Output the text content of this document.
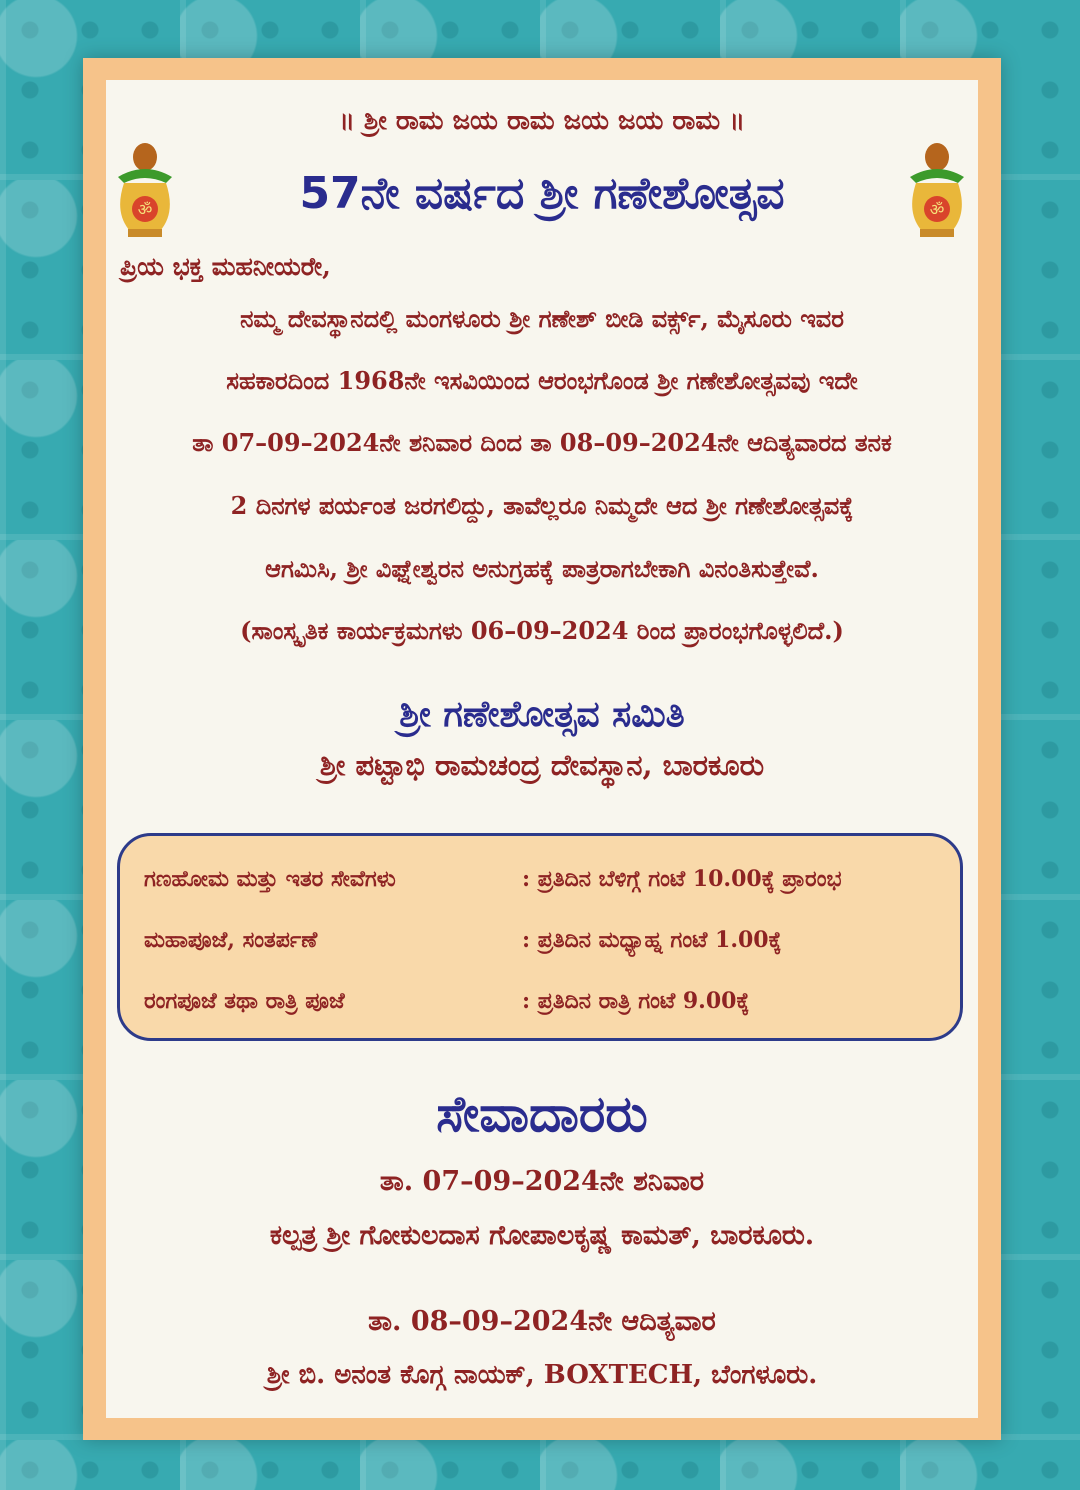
ॐ	ॐ
॥ ಶ್ರೀ ರಾಮ ಜಯ ರಾಮ ಜಯ ಜಯ ರಾಮ ॥
57ನೇ ವರ್ಷದ ಶ್ರೀ ಗಣೇಶೋತ್ಸವ
ಪ್ರಿಯ ಭಕ್ತ ಮಹನೀಯರೇ,
ನಮ್ಮ ದೇವಸ್ಥಾನದಲ್ಲಿ ಮಂಗಳೂರು ಶ್ರೀ ಗಣೇಶ್ ಬೀಡಿ ವರ್ಕ್ಸ್, ಮೈಸೂರು ಇವರ
ಸಹಕಾರದಿಂದ 1968ನೇ ಇಸವಿಯಿಂದ ಆರಂಭಗೊಂಡ ಶ್ರೀ ಗಣೇಶೋತ್ಸವವು ಇದೇ
ತಾ 07–09–2024ನೇ ಶನಿವಾರ ದಿಂದ ತಾ 08–09–2024ನೇ ಆದಿತ್ಯವಾರದ ತನಕ
2 ದಿನಗಳ ಪರ್ಯಂತ ಜರಗಲಿದ್ದು, ತಾವೆಲ್ಲರೂ ನಿಮ್ಮದೇ ಆದ ಶ್ರೀ ಗಣೇಶೋತ್ಸವಕ್ಕೆ
ಆಗಮಿಸಿ, ಶ್ರೀ ವಿಘ್ನೇಶ್ವರನ ಅನುಗ್ರಹಕ್ಕೆ ಪಾತ್ರರಾಗಬೇಕಾಗಿ ವಿನಂತಿಸುತ್ತೇವೆ.
(ಸಾಂಸ್ಕೃತಿಕ ಕಾರ್ಯಕ್ರಮಗಳು 06–09–2024 ರಿಂದ ಪ್ರಾರಂಭಗೊಳ್ಳಲಿದೆ.)
ಶ್ರೀ ಗಣೇಶೋತ್ಸವ ಸಮಿತಿ
ಶ್ರೀ ಪಟ್ಟಾಭಿ ರಾಮಚಂದ್ರ ದೇವಸ್ಥಾನ, ಬಾರಕೂರು
ಗಣಹೋಮ ಮತ್ತು ಇತರ ಸೇವೆಗಳು	: ಪ್ರತಿದಿನ ಬೆಳಿಗ್ಗೆ ಗಂಟೆ 10.00ಕ್ಕೆ ಪ್ರಾರಂಭ
ಮಹಾಪೂಜೆ, ಸಂತರ್ಪಣೆ	: ಪ್ರತಿದಿನ ಮಧ್ಯಾಹ್ನ ಗಂಟೆ 1.00ಕ್ಕೆ
ರಂಗಪೂಜೆ ತಥಾ ರಾತ್ರಿ ಪೂಜೆ	: ಪ್ರತಿದಿನ ರಾತ್ರಿ ಗಂಟೆ 9.00ಕ್ಕೆ
ಸೇವಾದಾರರು
ತಾ. 07–09–2024ನೇ ಶನಿವಾರ
ಕಲ್ಪತ್ರ ಶ್ರೀ ಗೋಕುಲದಾಸ ಗೋಪಾಲಕೃಷ್ಣ ಕಾಮತ್, ಬಾರಕೂರು.
ತಾ. 08–09–2024ನೇ ಆದಿತ್ಯವಾರ
ಶ್ರೀ ಬಿ. ಅನಂತ ಕೊಗ್ಗ ನಾಯಕ್, BOXTECH, ಬೆಂಗಳೂರು.
